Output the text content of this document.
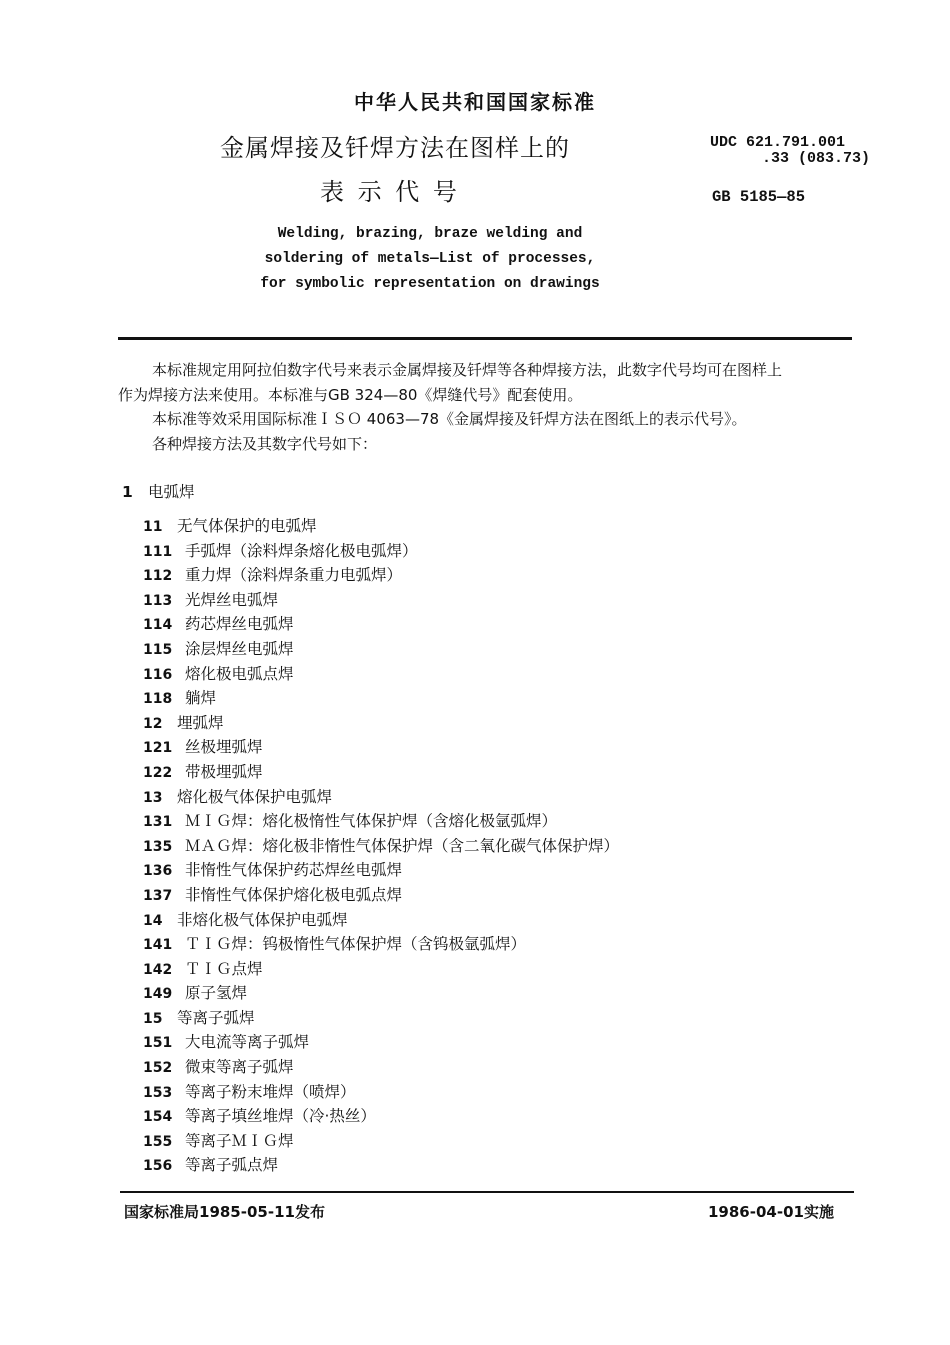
中华人民共和国国家标准
金属焊接及钎焊方法在图样上的
表 示 代 号
UDC 621.791.001
.33 (083.73)
GB 5185—85
Welding, brazing, braze welding and
soldering of metals—List of processes,
for symbolic representation on drawings

本标准规定用阿拉伯数字代号来表示金属焊接及钎焊等各种焊接方法，此数字代号均可在图样上

作为焊接方法来使用。本标准与GB 324—80《焊缝代号》配套使用。

本标准等效采用国际标准ＩＳＯ 4063—78《金属焊接及钎焊方法在图纸上的表示代号》。

各种焊接方法及其数字代号如下：

1 电弧焊
11 无气体保护的电弧焊
111 手弧焊（涂料焊条熔化极电弧焊）
112 重力焊（涂料焊条重力电弧焊）
113 光焊丝电弧焊
114 药芯焊丝电弧焊
115 涂层焊丝电弧焊
116 熔化极电弧点焊
118 躺焊
12 埋弧焊
121 丝极埋弧焊
122 带极埋弧焊
13 熔化极气体保护电弧焊
131 ＭＩＧ焊：熔化极惰性气体保护焊（含熔化极氩弧焊）
135 ＭＡＧ焊：熔化极非惰性气体保护焊（含二氧化碳气体保护焊）
136 非惰性气体保护药芯焊丝电弧焊
137 非惰性气体保护熔化极电弧点焊
14 非熔化极气体保护电弧焊
141 ＴＩＧ焊：钨极惰性气体保护焊（含钨极氩弧焊）
142 ＴＩＧ点焊
149 原子氢焊
15 等离子弧焊
151 大电流等离子弧焊
152 微束等离子弧焊
153 等离子粉末堆焊（喷焊）
154 等离子填丝堆焊（冷·热丝）
155 等离子ＭＩＧ焊
156 等离子弧点焊
国家标准局1985-05-11发布	1986-04-01实施
